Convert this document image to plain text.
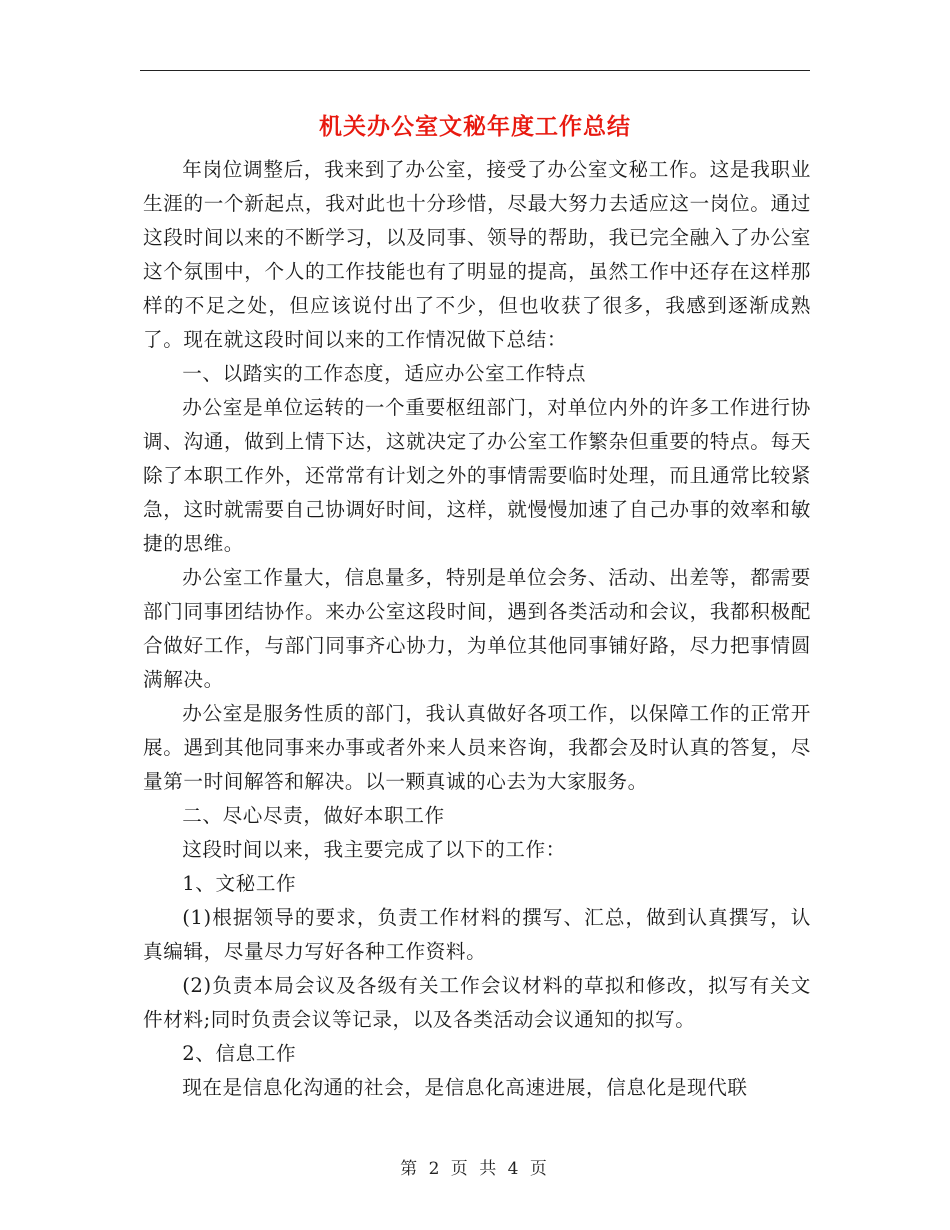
机关办公室文秘年度工作总结

年岗位调整后，我来到了办公室，接受了办公室文秘工作。这是我职业生涯的一个新起点，我对此也十分珍惜，尽最大努力去适应这一岗位。通过这段时间以来的不断学习，以及同事、领导的帮助，我已完全融入了办公室这个氛围中，个人的工作技能也有了明显的提高，虽然工作中还存在这样那样的不足之处，但应该说付出了不少，但也收获了很多，我感到逐渐成熟了。现在就这段时间以来的工作情况做下总结：

一、以踏实的工作态度，适应办公室工作特点

办公室是单位运转的一个重要枢纽部门，对单位内外的许多工作进行协调、沟通，做到上情下达，这就决定了办公室工作繁杂但重要的特点。每天除了本职工作外，还常常有计划之外的事情需要临时处理，而且通常比较紧急，这时就需要自己协调好时间，这样，就慢慢加速了自己办事的效率和敏捷的思维。

办公室工作量大，信息量多，特别是单位会务、活动、出差等，都需要部门同事团结协作。来办公室这段时间，遇到各类活动和会议，我都积极配合做好工作，与部门同事齐心协力，为单位其他同事铺好路，尽力把事情圆满解决。

办公室是服务性质的部门，我认真做好各项工作，以保障工作的正常开展。遇到其他同事来办事或者外来人员来咨询，我都会及时认真的答复，尽量第一时间解答和解决。以一颗真诚的心去为大家服务。

二、尽心尽责，做好本职工作

这段时间以来，我主要完成了以下的工作：

1、文秘工作

(1)根据领导的要求，负责工作材料的撰写、汇总，做到认真撰写，认真编辑，尽量尽力写好各种工作资料。

(2)负责本局会议及各级有关工作会议材料的草拟和修改，拟写有关文件材料;同时负责会议等记录，以及各类活动会议通知的拟写。

2、信息工作

现在是信息化沟通的社会，是信息化高速进展，信息化是现代联

第 2 页 共 4 页
